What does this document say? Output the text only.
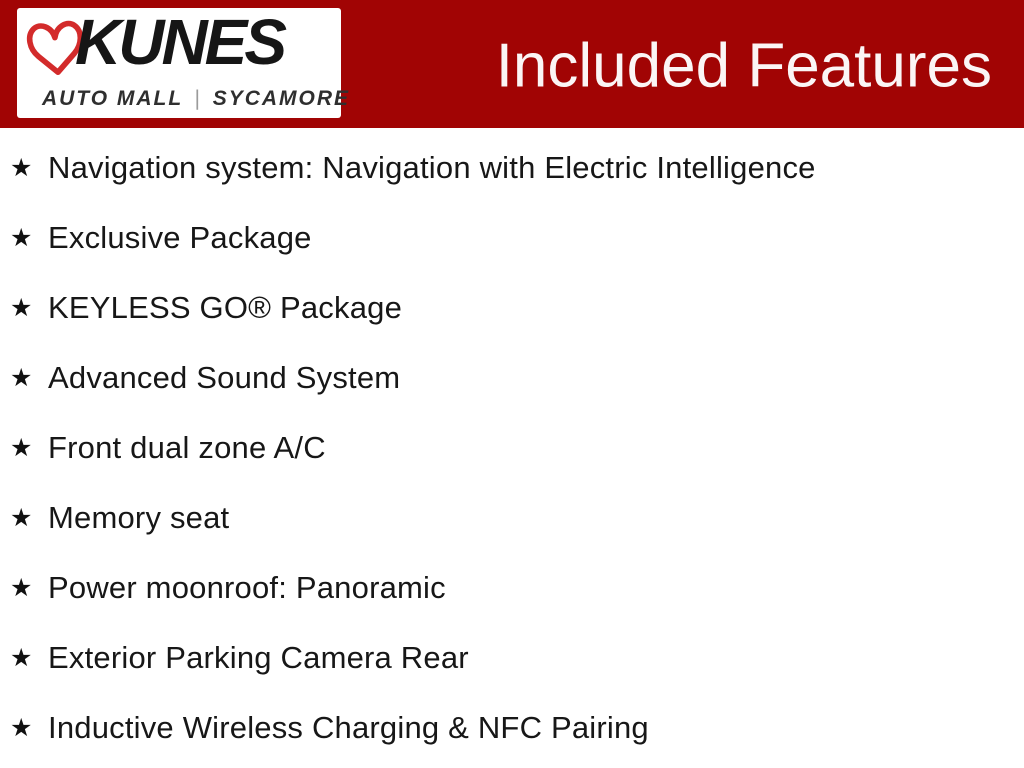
KUNES
AUTO MALL | SYCAMORE Included Features
★ Navigation system: Navigation with Electric Intelligence
★ Exclusive Package
★ KEYLESS GO® Package
★ Advanced Sound System
★ Front dual zone A/C
★ Memory seat
★ Power moonroof: Panoramic
★ Exterior Parking Camera Rear
★ Inductive Wireless Charging & NFC Pairing
